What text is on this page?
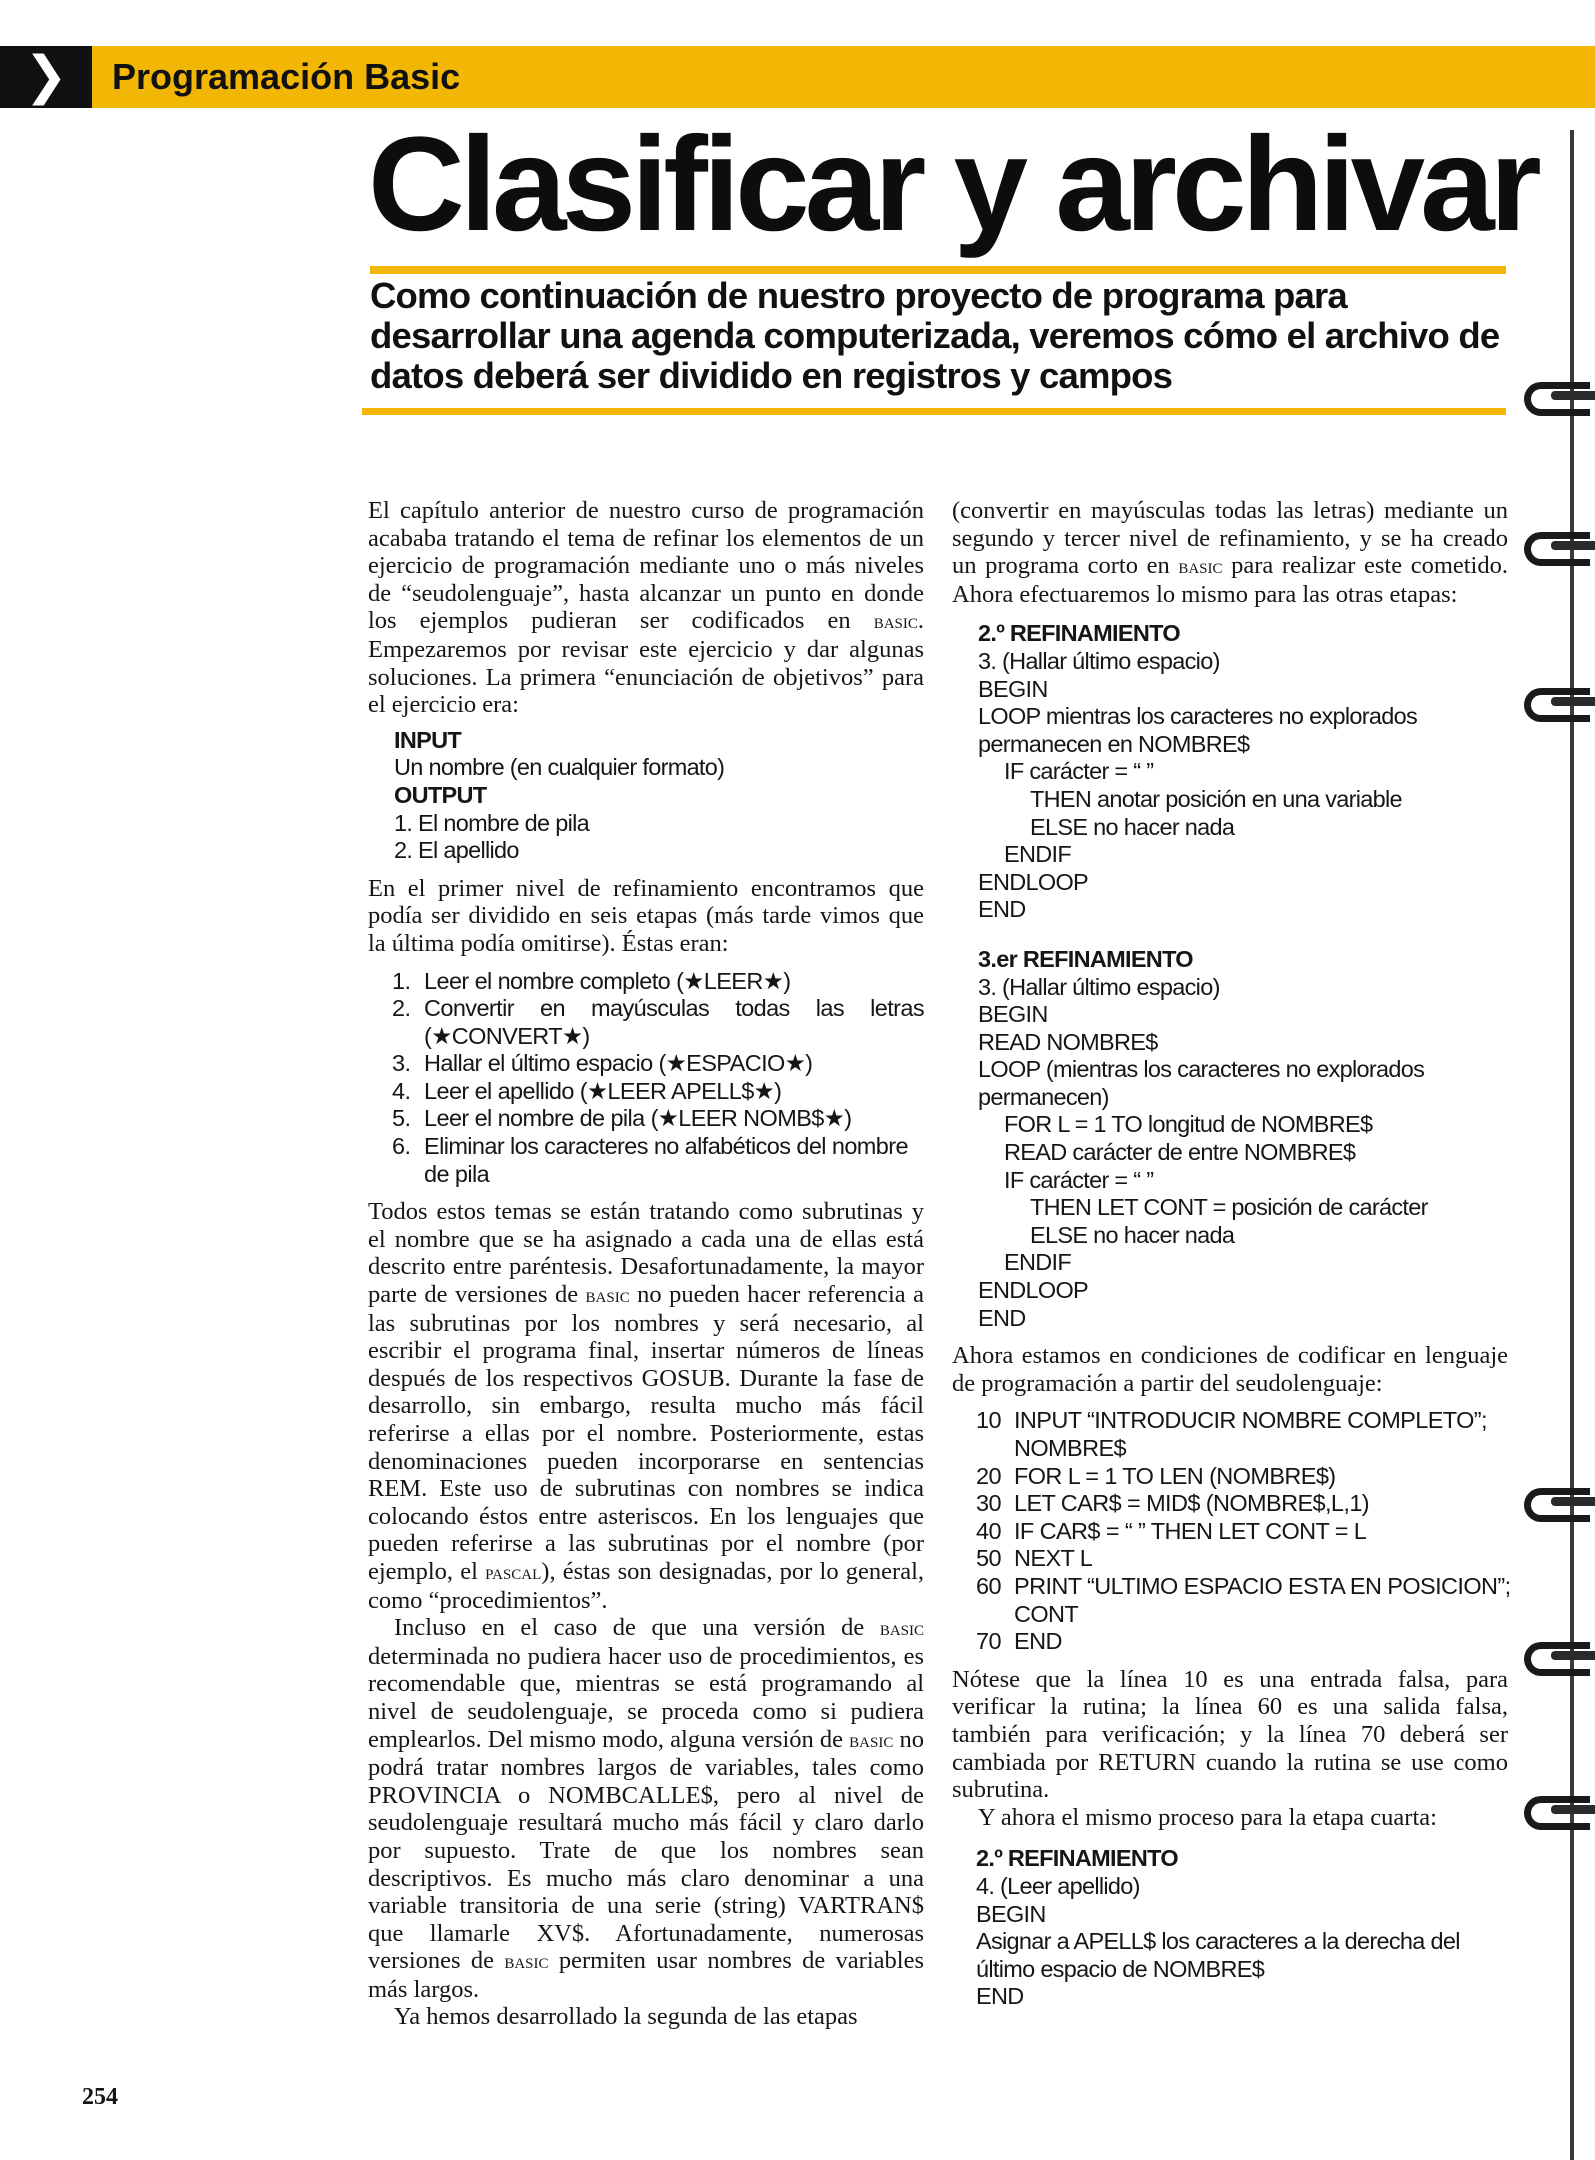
❯	Programación Basic
Clasificar y archivar
Como continuación de nuestro proyecto de programa para desarrollar una agenda computerizada, veremos cómo el archivo de datos deberá ser dividido en registros y campos

El capítulo anterior de nuestro curso de programación acababa tratando el tema de refinar los elementos de un ejercicio de programación mediante uno o más niveles de “seudolenguaje”, hasta alcanzar un punto en donde los ejemplos pudieran ser codificados en basic. Empezaremos por revisar este ejercicio y dar algunas soluciones. La primera “enunciación de objetivos” para el ejercicio era:

INPUT
Un nombre (en cualquier formato)
OUTPUT
1. El nombre de pila
2. El apellido

En el primer nivel de refinamiento encontramos que podía ser dividido en seis etapas (más tarde vimos que la última podía omitirse). Éstas eran:

1. Leer el nombre completo (★LEER★)
2. Convertir en mayúsculas todas las letras (★CONVERT★)
3. Hallar el último espacio (★ESPACIO★)
4. Leer el apellido (★LEER APELL$★)
5. Leer el nombre de pila (★LEER NOMB$★)
6. Eliminar los caracteres no alfabéticos del nombre de pila

Todos estos temas se están tratando como subrutinas y el nombre que se ha asignado a cada una de ellas está descrito entre paréntesis. Desafortunadamente, la mayor parte de versiones de basic no pueden hacer referencia a las subrutinas por los nombres y será necesario, al escribir el programa final, insertar números de líneas después de los respectivos GOSUB. Durante la fase de desarrollo, sin embargo, resulta mucho más fácil referirse a ellas por el nombre. Posteriormente, estas denominaciones pueden incorporarse en sentencias REM. Este uso de subrutinas con nombres se indica colocando éstos entre asteriscos. En los lenguajes que pueden referirse a las subrutinas por el nombre (por ejemplo, el pascal), éstas son designadas, por lo general, como “procedimientos”.

Incluso en el caso de que una versión de basic determinada no pudiera hacer uso de procedimientos, es recomendable que, mientras se está programando al nivel de seudolenguaje, se proceda como si pudiera emplearlos. Del mismo modo, alguna versión de basic no podrá tratar nombres largos de variables, tales como PROVINCIA o NOMBCALLE$, pero al nivel de seudolenguaje resultará mucho más fácil y claro darlo por supuesto. Trate de que los nombres sean descriptivos. Es mucho más claro denominar a una variable transitoria de una serie (string) VARTRAN$ que llamarle XV$. Afortunadamente, numerosas versiones de basic permiten usar nombres de variables más largos.

Ya hemos desarrollado la segunda de las etapas

(convertir en mayúsculas todas las letras) mediante un segundo y tercer nivel de refinamiento, y se ha creado un programa corto en basic para realizar este cometido. Ahora efectuaremos lo mismo para las otras etapas:

2.º REFINAMIENTO
3. (Hallar último espacio)
BEGIN
LOOP mientras los caracteres no explorados
permanecen en NOMBRE$
IF carácter = “ ”
THEN anotar posición en una variable
ELSE no hacer nada
ENDIF
ENDLOOP
END
3.er REFINAMIENTO
3. (Hallar último espacio)
BEGIN
READ NOMBRE$
LOOP (mientras los caracteres no explorados
permanecen)
FOR L = 1 TO longitud de NOMBRE$
READ carácter de entre NOMBRE$
IF carácter = “ ”
THEN LET CONT = posición de carácter
ELSE no hacer nada
ENDIF
ENDLOOP
END

Ahora estamos en condiciones de codificar en lenguaje de programación a partir del seudolenguaje:

10 INPUT “INTRODUCIR NOMBRE COMPLETO”;
NOMBRE$
20 FOR L = 1 TO LEN (NOMBRE$)
30 LET CAR$ = MID$ (NOMBRE$,L,1)
40 IF CAR$ = “ ” THEN LET CONT = L
50 NEXT L
60 PRINT “ULTIMO ESPACIO ESTA EN POSICION”;
CONT
70 END

Nótese que la línea 10 es una entrada falsa, para verificar la rutina; la línea 60 es una salida falsa, también para verificación; y la línea 70 deberá ser cambiada por RETURN cuando la rutina se use como subrutina.

Y ahora el mismo proceso para la etapa cuarta:

2.º REFINAMIENTO
4. (Leer apellido)
BEGIN
Asignar a APELL$ los caracteres a la derecha del
último espacio de NOMBRE$
END
254
